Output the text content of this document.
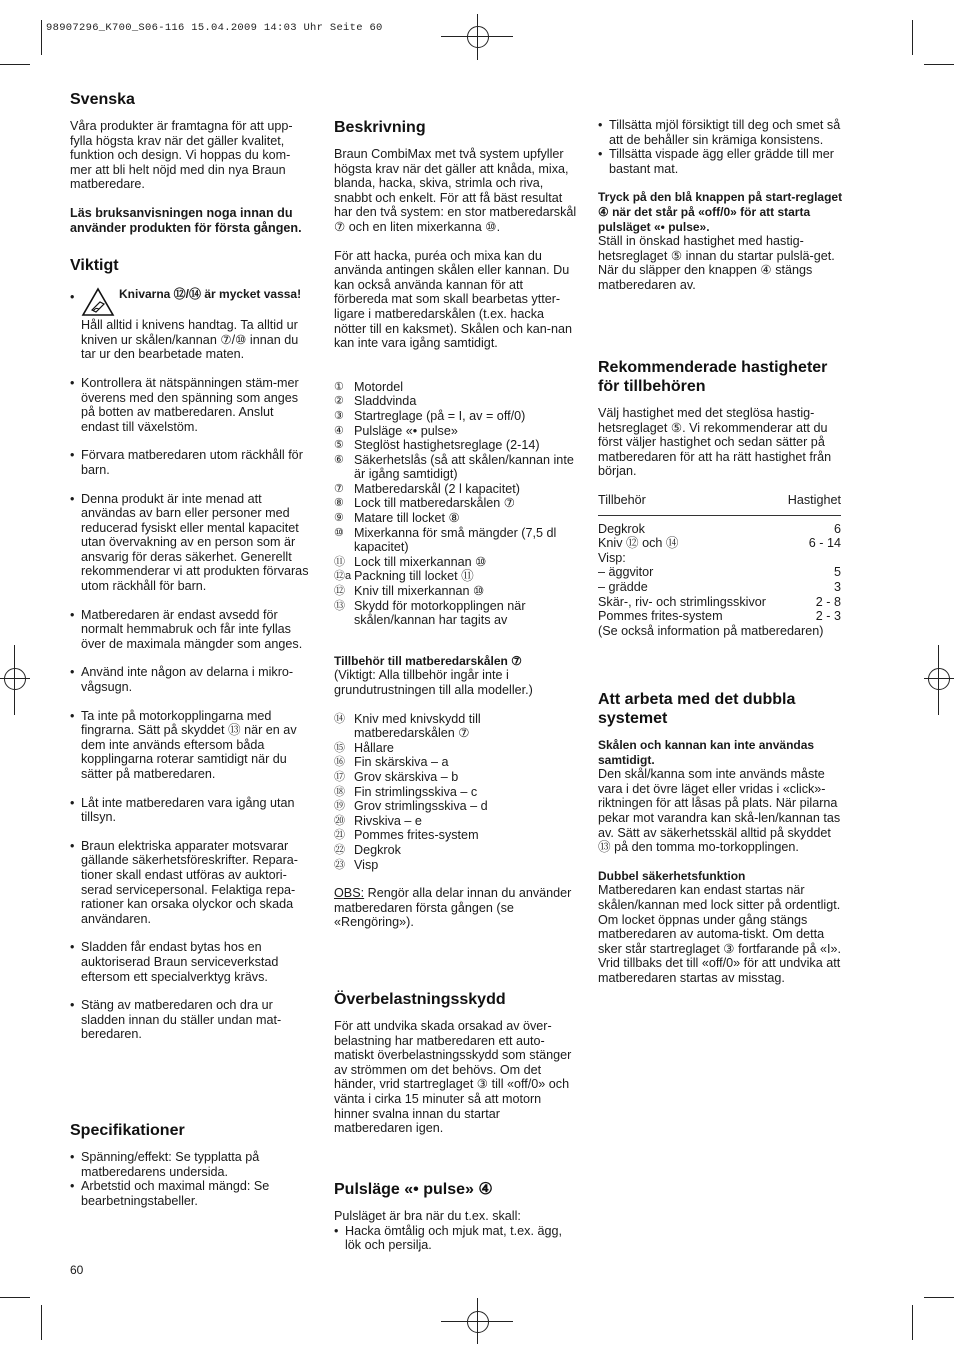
98907296_K700_S06-116 15.04.2009 14:03 Uhr Seite 60
Svenska

Våra produkter är framtagna för att upp-fylla högsta krav när det gäller kvalitet, funktion och design. Vi hoppas du kom-mer att bli helt nöjd med din nya Braun matberedare.

Läs bruksanvisningen noga innan du använder produkten för första gången.

Viktigt
•	Knivarna ⑫/⑭ är mycket vassa!

Håll alltid i knivens handtag. Ta alltid ur kniven ur skålen/kannan ⑦/⑩ innan du tar ur den bearbetade maten.

• Kontrollera ät nätspänningen stäm-mer överens med den spänning som anges på botten av matberedaren. Anslut endast till växelstöm.
• Förvara matberedaren utom räckhåll för barn.
• Denna produkt är inte menad att användas av barn eller personer med reducerad fysiskt eller mental kapacitet utan övervakning av en person som är ansvarig för deras säkerhet. Generellt rekommenderar vi att produkten förvaras utom räckhåll för barn.
• Matberedaren är endast avsedd för normalt hemmabruk och får inte fyllas över de maximala mängder som anges.
• Använd inte någon av delarna i mikro-vågsugn.
• Ta inte på motorkopplingarna med fingrarna. Sätt på skyddet ⑬ när en av dem inte används eftersom båda kopplingarna roterar samtidigt när du sätter på matberedaren.
• Låt inte matberedaren vara igång utan tillsyn.
• Braun elektriska apparater motsvarar gällande säkerhetsföreskrifter. Repara-tioner skall endast utföras av auktori-serad servicepersonal. Felaktiga repa-rationer kan orsaka olyckor och skada användaren.
• Sladden får endast bytas hos en auktoriserad Braun serviceverkstad eftersom ett specialverktyg krävs.
• Stäng av matberedaren och dra ur sladden innan du ställer undan mat-beredaren.
Specifikationer
• Spänning/effekt: Se typplatta på matberedarens undersida.
• Arbetstid och maximal mängd: Se bearbetningstabeller.
Beskrivning

Braun CombiMax met två system upfyller högsta krav när det gäller att knåda, mixa, blanda, hacka, skiva, strimla och riva, snabbt och enkelt. För att få bäst resultat har den två system: en stor matberedarskål ⑦ och en liten mixerkanna ⑩.

För att hacka, puréa och mixa kan du använda antingen skålen eller kannan. Du kan också använda kannan för att förbereda mat som skall bearbetas ytter-ligare i matberedarskålen (t.ex. hacka nötter till en kaksmet). Skålen och kan-nan kan inte vara igång samtidigt.

① Motordel
② Sladdvinda
③ Startreglage (på = I, av = off/0)
④ Pulsläge «• pulse»
⑤ Steglöst hastighetsreglage (2-14)
⑥ Säkerhetslås (så att skålen/kannan inte är igång samtidigt)
⑦ Matberedarskål (2 l kapacitet)
⑧ Lock till matberedarskålen ⑦
⑨ Matare till locket ⑧
⑩ Mixerkanna för små mängder (7,5 dl kapacitet)
⑪ Lock till mixerkannan ⑩
⑫a Packning till locket ⑪
⑫ Kniv till mixerkannan ⑩
⑬ Skydd för motorkopplingen när skålen/kannan har tagits av

Tillbehör till matberedarskålen ⑦

(Viktigt: Alla tillbehör ingår inte i grundutrustningen till alla modeller.)

⑭ Kniv med knivskydd till matberedarskålen ⑦
⑮ Hållare
⑯ Fin skärskiva – a
⑰ Grov skärskiva – b
⑱ Fin strimlingsskiva – c
⑲ Grov strimlingsskiva – d
⑳ Rivskiva – e
㉑ Pommes frites-system
㉒ Degkrok
㉓ Visp

OBS: Rengör alla delar innan du använder matberedaren första gången (se «Rengöring»).

Överbelastningsskydd

För att undvika skada orsakad av över-belastning har matberedaren ett auto-matiskt överbelastningsskydd som stänger av strömmen om det behövs. Om det händer, vrid startreglaget ③ till «off/0» och vänta i cirka 15 minuter så att motorn hinner svalna innan du startar matberedaren igen.

Pulsläge «• pulse» ④

Pulsläget är bra när du t.ex. skall:

• Hacka ömtålig och mjuk mat, t.ex. ägg, lök och persilja.
• Tillsätta mjöl försiktigt till deg och smet så att de behåller sin krämiga konsistens.
• Tillsätta vispade ägg eller grädde till mer bastant mat.

Tryck på den blå knappen på start-reglaget ④ när det står på «off/0» för att starta pulsläget «• pulse».

Ställ in önskad hastighet med hastig-hetsreglaget ⑤ innan du startar pulslä-get. När du släpper den knappen ④ stängs matberedaren av.

Rekommenderade hastigheter för tillbehören

Välj hastighet med det steglösa hastig-hetsreglaget ⑤. Vi rekommenderar att du först väljer hastighet och sedan sätter på matberedaren för att ha rätt hastighet från början.

Tillbehör	Hastighet
Degkrok	6
Kniv ⑫ och ⑭	6 - 14
Visp:
– äggvitor	5
– grädde	3
Skär-, riv- och strimlingsskivor	2 - 8
Pommes frites-system	2 - 3
(Se också information på matberedaren)
Att arbeta med det dubbla systemet

Skålen och kannan kan inte användas samtidigt.

Den skål/kanna som inte används måste vara i det övre läget eller vridas i «click»-riktningen för att låsas på plats. När pilarna pekar mot varandra kan skå-len/kannan tas av. Sätt av säkerhetsskäl alltid på skyddet ⑬ på den tomma mo-torkopplingen.

Dubbel säkerhetsfunktion

Matberedaren kan endast startas när skålen/kannan med lock sitter på ordentligt. Om locket öppnas under gång stängs matberedaren av automa-tiskt. Om detta sker står startreglaget ③ fortfarande på «I». Vrid tillbaks det till «off/0» för att undvika att matberedaren startas av misstag.

60
